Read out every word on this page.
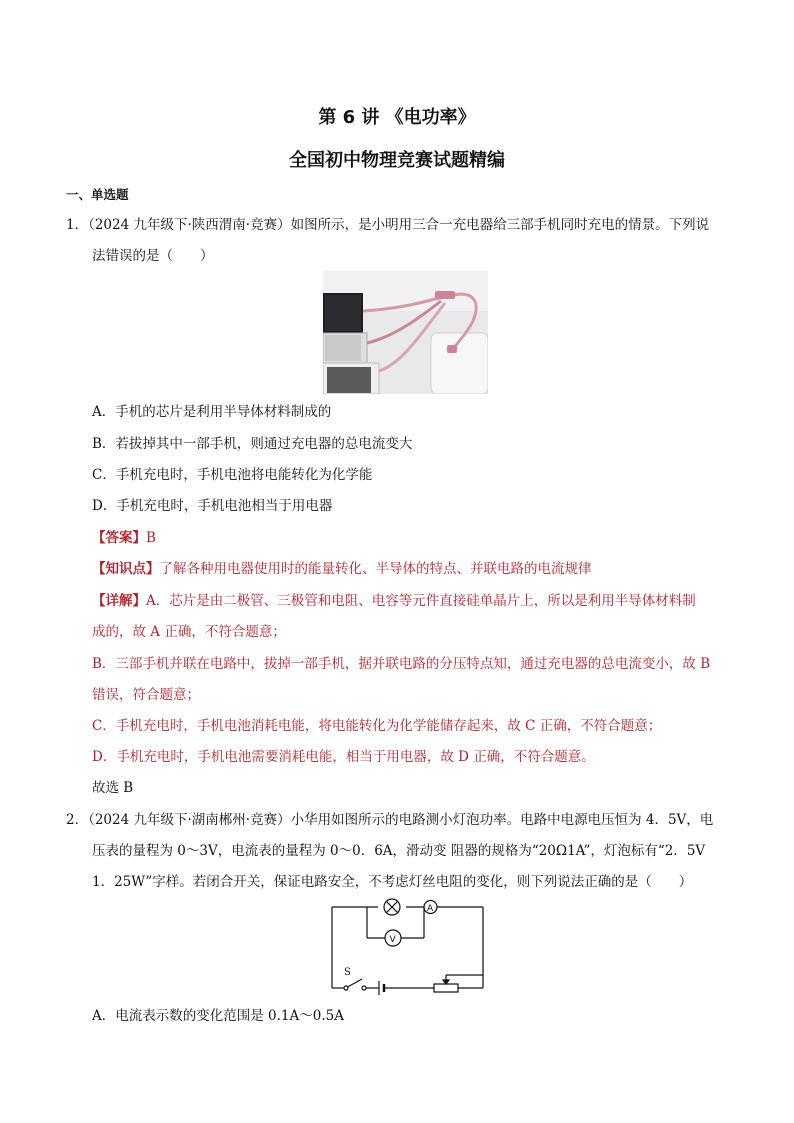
第 6 讲 《电功率》
全国初中物理竞赛试题精编
一、单选题
1．（2024 九年级下·陕西渭南·竞赛）如图所示，是小明用三合一充电器给三部手机同时充电的情景。下列说
法错误的是（　　）
A．手机的芯片是利用半导体材料制成的
B．若拔掉其中一部手机，则通过充电器的总电流变大
C．手机充电时，手机电池将电能转化为化学能
D．手机充电时，手机电池相当于用电器
【答案】B
【知识点】了解各种用电器使用时的能量转化、半导体的特点、并联电路的电流规律
【详解】A．芯片是由二极管、三极管和电阻、电容等元件直接硅单晶片上，所以是利用半导体材料制
成的，故 A 正确，不符合题意；
B．三部手机并联在电路中，拔掉一部手机，据并联电路的分压特点知，通过充电器的总电流变小，故 B
错误，符合题意；
C．手机充电时，手机电池消耗电能，将电能转化为化学能储存起来，故 C 正确，不符合题意；
D．手机充电时，手机电池需要消耗电能，相当于用电器，故 D 正确，不符合题意。
故选 B
2．（2024 九年级下·湖南郴州·竞赛）小华用如图所示的电路测小灯泡功率。电路中电源电压恒为 4．5V，电
压表的量程为 0～3V，电流表的量程为 0～0．6A，滑动变 阻器的规格为“20Ω1A”，灯泡标有“2．5V
1．25W”字样。若闭合开关，保证电路安全，不考虑灯丝电阻的变化，则下列说法正确的是（　　）
A
V
S
A．电流表示数的变化范围是 0.1A～0.5A
